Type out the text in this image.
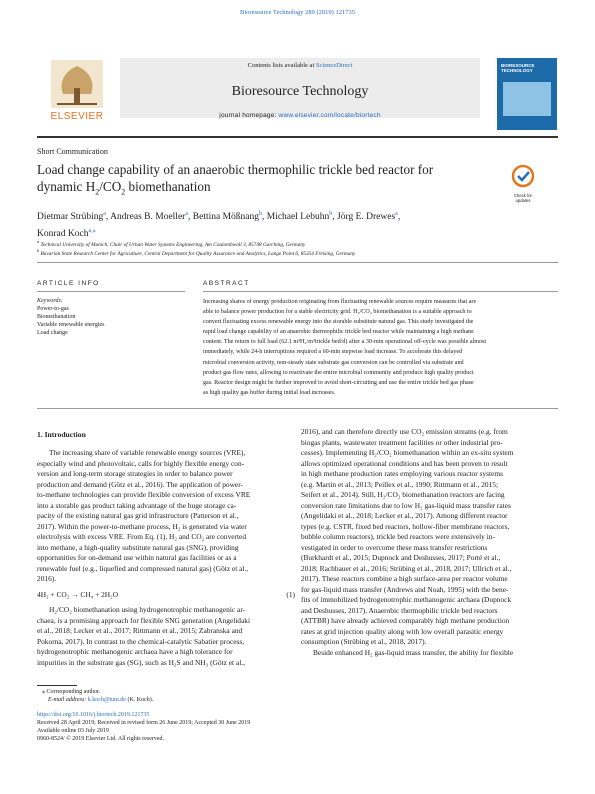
Bioresource Technology 289 (2019) 121735
ELSEVIER
Contents lists available at ScienceDirect
Bioresource Technology
journal homepage: www.elsevier.com/locate/biortech
BIORESOURCE TECHNOLOGY
Short Communication
Load change capability of an anaerobic thermophilic trickle bed reactor for
dynamic $H_2/CO_2$ biomethanation
Check for updates
Dietmar Strübing$^a$, Andreas B. Moeller$^a$, Bettina Mößnang$^b$, Michael Lebuhn$^b$, Jörg E. Drewes$^a$,
Konrad Koch$^{a,⁎}$
$^a$ Technical University of Munich, Chair of Urban Water Systems Engineering, Am Coulombwall 3, 85748 Garching, Germany
$^b$ Bavarian State Research Center for Agriculture, Central Department for Quality Assurance and Analytics, Lange Point 6, 85354 Freising, Germany
ARTICLE INFO
Keywords:
Power-to-gas
Biomethanation
Variable renewable energies
Load change
ABSTRACT
Increasing shares of energy production originating from fluctuating renewable sources require measures that are
able to balance power production for a stable electricity grid. H₂/CO₂ biomethanation is a suitable approach to
convert fluctuating excess renewable energy into the storable substitute natural gas. This study investigated the
rapid load change capability of an anaerobic thermophilic trickle bed reactor while maintaining a high methane
content. The return to full load (62.1 m³H₂/m³trickle bed/d) after a 30-min operational off-cycle was possible almost
immediately, while 24-h interruptions required a 60-min stepwise load increase. To accelerate this delayed
microbial conversion activity, non-steady state substrate gas conversion can be controlled via substrate and
product gas flow rates, allowing to reactivate the entire microbial community and produce high quality product
gas. Reactor design might be further improved to avoid short-circuiting and use the entire trickle bed gas phase
as high quality gas buffer during initial load increases.
1. Introduction
The increasing share of variable renewable energy sources (VRE),
especially wind and photovoltaic, calls for highly flexible energy con-
version and long-term storage strategies in order to balance power
production and demand (Götz et al., 2016). The application of power-
to-methane technologies can provide flexible conversion of excess VRE
into a storable gas product taking advantage of the huge storage ca-
pacity of the existing natural gas grid infrastructure (Patterson et al.,
2017). Within the power-to-methane process, H₂ is generated via water
electrolysis with excess VRE. From Eq. (1), H₂ and CO₂ are converted
into methane, a high-quality substitute natural gas (SNG), providing
opportunities for on-demand use within natural gas facilities or as a
renewable fuel (e.g., liquefied and compressed natural gas) (Götz et al.,
2016).
4H₂ + CO₂ → CH₄ + 2H₂O	(1)
H₂/CO₂ biomethanation using hydrogenotrophic methanogenic ar-
chaea, is a promising approach for flexible SNG generation (Angelidaki
et al., 2018; Lecker et al., 2017; Rittmann et al., 2015; Zabranska and
Pokorna, 2017). In contrast to the chemical-catalytic Sabatier process,
hydrogenotrophic methanogenic archaea have a high tolerance for
impurities in the substrate gas (SG), such as H₂S and NH₃ (Götz et al.,
2016), and can therefore directly use CO₂ emission streams (e.g. from
biogas plants, wastewater treatment facilities or other industrial pro-
cesses). Implementing H₂/CO₂ biomethanation within an ex-situ system
allows optimized operational conditions and has been proven to result
in high methane production rates employing various reactor systems
(e.g. Martin et al., 2013; Peillex et al., 1990; Rittmann et al., 2015;
Seifert et al., 2014). Still, H₂/CO₂ biomethanation reactors are facing
conversion rate limitations due to low H₂ gas-liquid mass transfer rates
(Angelidaki et al., 2018; Lecker et al., 2017). Among different reactor
types (e.g. CSTR, fixed bed reactors, hollow-fiber membrane reactors,
bubble column reactors), trickle bed reactors were extensively in-
vestigated in order to overcome these mass transfer restrictions
(Burkhardt et al., 2015; Dupnock and Deshusses, 2017; Porté et al.,
2018; Rachbauer et al., 2016; Strübing et al., 2018, 2017; Ullrich et al.,
2017). These reactors combine a high surface-area per reactor volume
for gas-liquid mass transfer (Andrews and Noah, 1995) with the bene-
fits of immobilized hydrogenotrophic methanogenic archaea (Dupnock
and Deshusses, 2017). Anaerobic thermophilic trickle bed reactors
(ATTBR) have already achieved comparably high methane production
rates at grid injection quality along with low overall parasitic energy
consumption (Strübing et al., 2018, 2017).
Beside enhanced H₂ gas-liquid mass transfer, the ability for flexible
⁎ Corresponding author.
E-mail address: k.koch@tum.de (K. Koch).
https://doi.org/10.1016/j.biortech.2019.121735
Received 28 April 2019; Received in revised form 26 June 2019; Accepted 30 June 2019
Available online 03 July 2019
0960-8524/ © 2019 Elsevier Ltd. All rights reserved.
